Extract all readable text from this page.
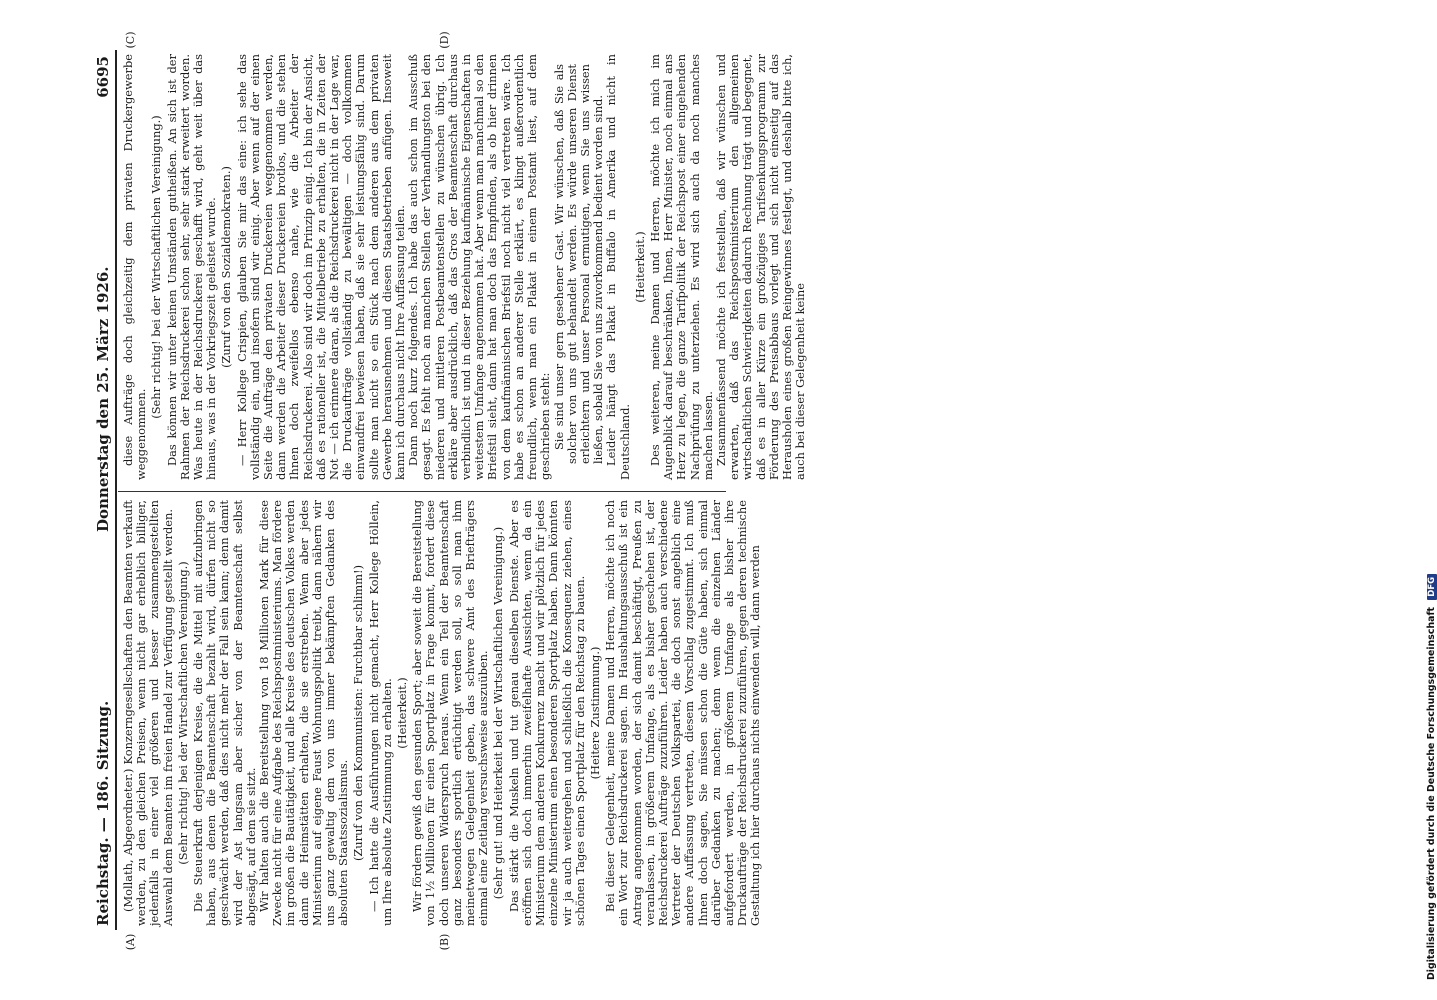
Reichstag. — 186. Sitzung.
Donnerstag den 25. März 1926.
6695
(A)	(B)
(C)	(D)

(Mollath, Abgeordneter.) Konzerngesellschaften den Beamten verkauft werden, zu den gleichen Preisen, wenn nicht gar erheblich billiger, jedenfalls in einer viel größeren und besser zusammengestellten Auswahl dem Beamten im freien Handel zur Verfügung gestellt werden. (Sehr richtig! bei der Wirtschaftlichen Vereinigung.) Die Steuerkraft derjenigen Kreise, die die Mittel mit aufzubringen haben, aus denen die Beamtenschaft bezahlt wird, dürfen nicht so geschwächt werden, daß dies nicht mehr der Fall sein kann; denn damit wird der Ast langsam aber sicher von der Beamtenschaft selbst abgesägt, auf dem sie sitzt. Wir halten auch die Bereitstellung von 18 Millionen Mark für diese Zwecke nicht für eine Aufgabe des Reichspostministeriums. Man fördere im großen die Bautätigkeit, und alle Kreise des deutschen Volkes werden dann die Heimstätten erhalten, die sie erstreben. Wenn aber jedes Ministerium auf eigene Faust Wohnungspolitik treibt, dann nähern wir uns ganz gewaltig dem von uns immer bekämpften Gedanken des absoluten Staatssozialismus. (Zuruf von den Kommunisten: Furchtbar schlimm!) — Ich hatte die Ausführungen nicht gemacht, Herr Kollege Höllein, um Ihre absolute Zustimmung zu erhalten. (Heiterkeit.) Wir fördern gewiß den gesunden Sport; aber soweit die Bereitstellung von 1½ Millionen für einen Sportplatz in Frage kommt, fordert diese doch unseren Widerspruch heraus. Wenn ein Teil der Beamtenschaft ganz besonders sportlich ertüchtigt werden soll, so soll man ihm meinetwegen Gelegenheit geben, das schwere Amt des Briefträgers einmal eine Zeitlang versuchsweise auszuüben. (Sehr gut! und Heiterkeit bei der Wirtschaftlichen Vereinigung.) Das stärkt die Muskeln und tut genau dieselben Dienste. Aber es eröffnen sich doch immerhin zweifelhafte Aussichten, wenn da ein Ministerium dem anderen Konkurrenz macht und wir plötzlich für jedes einzelne Ministerium einen besonderen Sportplatz haben. Dann könnten wir ja auch weitergehen und schließlich die Konsequenz ziehen, eines schönen Tages einen Sportplatz für den Reichstag zu bauen. (Heitere Zustimmung.) Bei dieser Gelegenheit, meine Damen und Herren, möchte ich noch ein Wort zur Reichsdruckerei sagen. Im Haushaltungsausschuß ist ein Antrag angenommen worden, der sich damit beschäftigt, Preußen zu veranlassen, in größerem Umfange, als es bisher geschehen ist, der Reichsdruckerei Aufträge zuzuführen. Leider haben auch verschiedene Vertreter der Deutschen Volkspartei, die doch sonst angeblich eine andere Auffassung vertreten, diesem Vorschlag zugestimmt. Ich muß Ihnen doch sagen, Sie müssen schon die Güte haben, sich einmal darüber Gedanken zu machen; denn wenn die einzelnen Länder aufgefordert werden, in größerem Umfange als bisher ihre Druckaufträge der Reichsdruckerei zuzuführen, gegen deren technische Gestaltung ich hier durchaus nichts einwenden will, dann werden

diese Aufträge doch gleichzeitig dem privaten Druckergewerbe weggenommen.

(Sehr richtig! bei der Wirtschaftlichen Vereinigung.) Das können wir unter keinen Umständen gutheißen. An sich ist der Rahmen der Reichsdruckerei schon sehr, sehr stark erweitert worden. Was heute in der Reichsdruckerei geschafft wird, geht weit über das hinaus, was in der Vorkriegszeit geleistet wurde. (Zuruf von den Sozialdemokraten.) — Herr Kollege Crispien, glauben Sie mir das eine: ich sehe das vollständig ein, und insofern sind wir einig. Aber wenn auf der einen Seite die Aufträge den privaten Druckereien weggenommen werden, dann werden die Arbeiter dieser Druckereien brotlos, und die stehen Ihnen doch zweifellos ebenso nahe, wie die Arbeiter der Reichsdruckerei. Also sind wir doch im Prinzip einig. Ich bin der Ansicht, daß es rationeller ist, die Mittelbetriebe zu erhalten, die in Zeiten der Not — ich erinnere daran, als die Reichsdruckerei nicht in der Lage war, die Druckaufträge vollständig zu bewältigen — doch vollkommen einwandfrei bewiesen haben, daß sie sehr leistungsfähig sind. Darum sollte man nicht so ein Stück nach dem anderen aus dem privaten Gewerbe herausnehmen und diesen Staatsbetrieben anfügen. Insoweit kann ich durchaus nicht Ihre Auffassung teilen. Dann noch kurz folgendes. Ich habe das auch schon im Ausschuß gesagt. Es fehlt noch an manchen Stellen der Verhandlungston bei den niederen und mittleren Postbeamtenstellen zu wünschen übrig. Ich erkläre aber ausdrücklich, daß das Gros der Beamtenschaft durchaus verbindlich ist und in dieser Beziehung kaufmännische Eigenschaften in weitestem Umfange angenommen hat. Aber wenn man manchmal so den Briefstil sieht, dann hat man doch das Empfinden, als ob hier drinnen von dem kaufmännischen Briefstil noch nicht viel vertreten wäre. Ich habe es schon an anderer Stelle erklärt, es klingt außerordentlich freundlich, wenn man ein Plakat in einem Postamt liest, auf dem geschrieben steht: Sie sind unser gern gesehener Gast. Wir wünschen, daß Sie als solcher von uns gut behandelt werden. Es würde unseren Dienst erleichtern und unser Personal ermutigen, wenn Sie uns wissen ließen, sobald Sie von uns zuvorkommend bedient worden sind. Leider hängt das Plakat in Buffalo in Amerika und nicht in Deutschland.

(Heiterkeit.) Des weiteren, meine Damen und Herren, möchte ich mich im Augenblick darauf beschränken, Ihnen, Herr Minister, noch einmal ans Herz zu legen, die ganze Tarifpolitik der Reichspost einer eingehenden Nachprüfung zu unterziehen. Es wird sich auch da noch manches machen lassen. Zusammenfassend möchte ich feststellen, daß wir wünschen und erwarten, daß das Reichspostministerium den allgemeinen wirtschaftlichen Schwierigkeiten dadurch Rechnung trägt und begegnet, daß es in aller Kürze ein großzügiges Tarifsenkungsprogramm zur Förderung des Preisabbaus vorlegt und sich nicht einseitig auf das Herausholen eines großen Reingewinnes festlegt, und deshalb bitte ich, auch bei dieser Gelegenheit keine

Digitalisierung gefördert durch die Deutsche Forschungsgemeinschaft DFG
